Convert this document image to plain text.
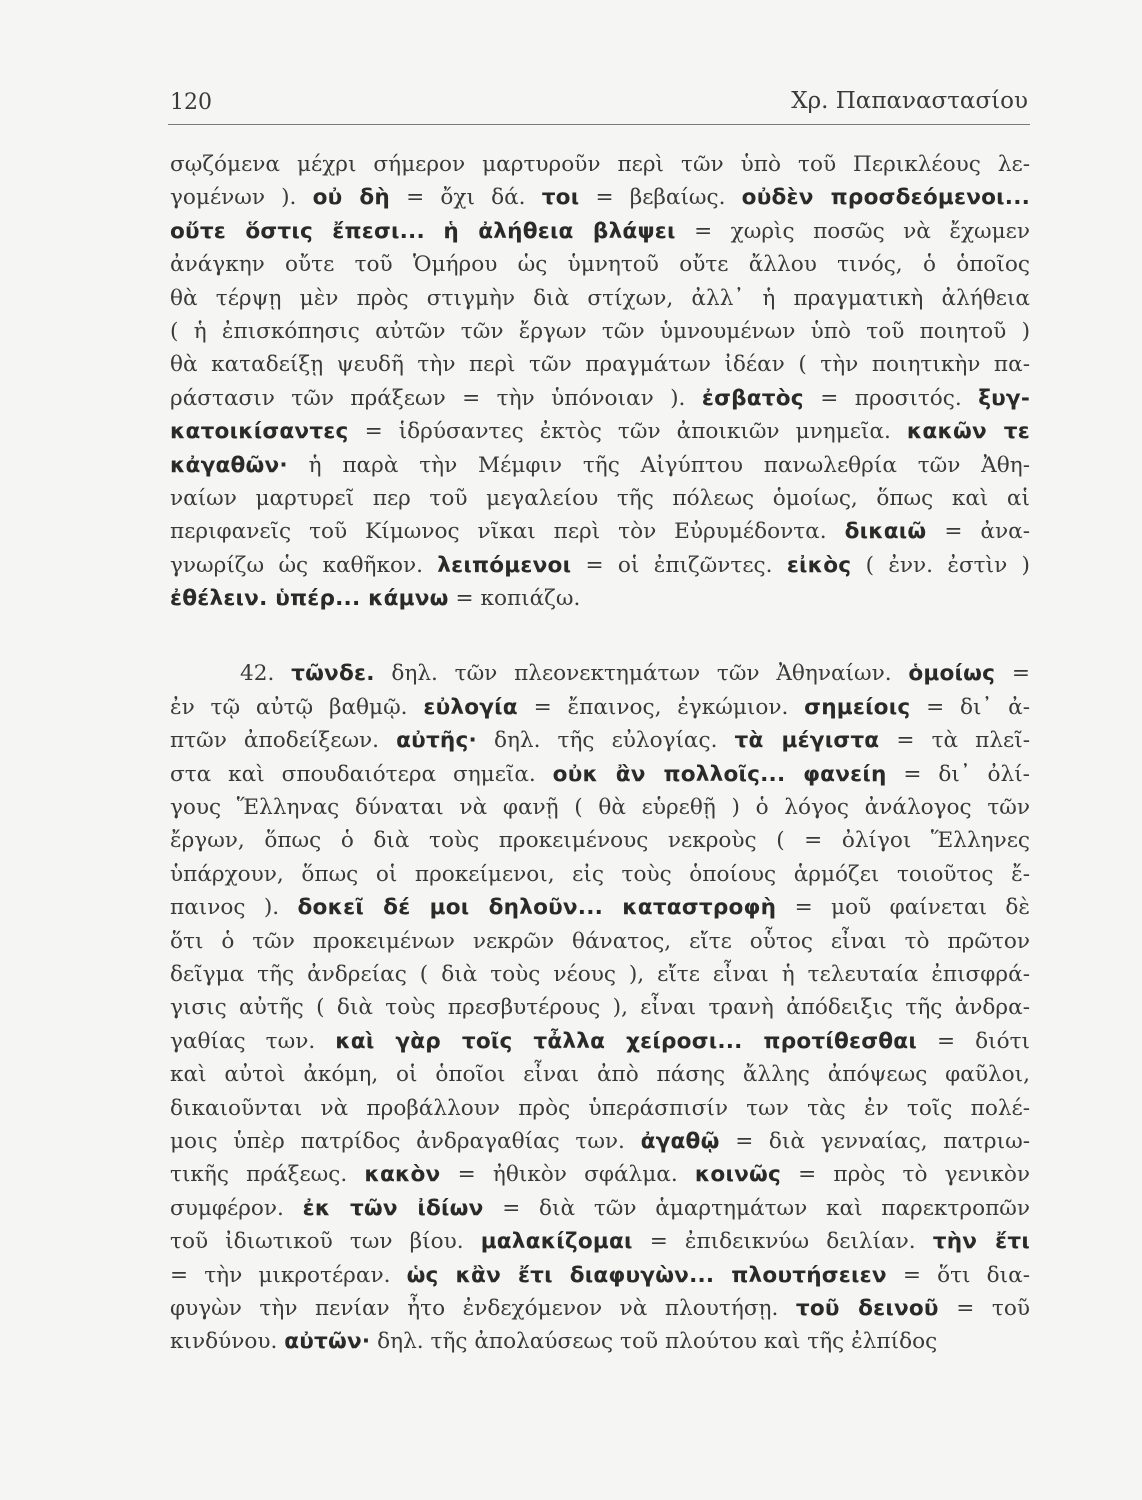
120	Χρ. Παπαναστασίου
σῳζόμενα μέχρι σήμερον μαρτυροῦν περὶ τῶν ὑπὸ τοῦ Περικλέους λε-
γομένων ). οὐ δὴ = ὄχι δά. τοι = βεβαίως. οὐδὲν προσδεόμενοι...
οὔτε ὅστις ἔπεσι... ἡ ἀλήθεια βλάψει = χωρὶς ποσῶς νὰ ἔχωμεν
ἀνάγκην οὔτε τοῦ Ὁμήρου ὡς ὑμνητοῦ οὔτε ἄλλου τινός, ὁ ὁποῖος
θὰ τέρψῃ μὲν πρὸς στιγμὴν διὰ στίχων, ἀλλ᾽ ἡ πραγματικὴ ἀλήθεια
( ἡ ἐπισκόπησις αὐτῶν τῶν ἔργων τῶν ὑμνουμένων ὑπὸ τοῦ ποιητοῦ )
θὰ καταδείξῃ ψευδῆ τὴν περὶ τῶν πραγμάτων ἰδέαν ( τὴν ποιητικὴν πα-
ράστασιν τῶν πράξεων = τὴν ὑπόνοιαν ). ἐσβατὸς = προσιτός. ξυγ-
κατοικίσαντες = ἱδρύσαντες ἐκτὸς τῶν ἀποικιῶν μνημεῖα. κακῶν τε
κἀγαθῶν· ἡ παρὰ τὴν Μέμφιν τῆς Αἰγύπτου πανωλεθρία τῶν Ἀθη-
ναίων μαρτυρεῖ περ τοῦ μεγαλείου τῆς πόλεως ὁμοίως, ὅπως καὶ αἱ
περιφανεῖς τοῦ Κίμωνος νῖκαι περὶ τὸν Εὐρυμέδοντα. δικαιῶ = ἀνα-
γνωρίζω ὡς καθῆκον. λειπόμενοι = οἱ ἐπιζῶντες. εἰκὸς ( ἐνν. ἐστὶν )
ἐθέλειν. ὑπέρ... κάμνω = κοπιάζω.
42. τῶνδε. δηλ. τῶν πλεονεκτημάτων τῶν Ἀθηναίων. ὁμοίως =
ἐν τῷ αὐτῷ βαθμῷ. εὐλογία = ἔπαινος, ἐγκώμιον. σημείοις = δι᾽ ἀ-
πτῶν ἀποδείξεων. αὐτῆς· δηλ. τῆς εὐλογίας. τὰ μέγιστα = τὰ πλεῖ-
στα καὶ σπουδαιότερα σημεῖα. οὐκ ἂν πολλοῖς... φανείη = δι᾽ ὀλί-
γους Ἕλληνας δύναται νὰ φανῇ ( θὰ εὑρεθῇ ) ὁ λόγος ἀνάλογος τῶν
ἔργων, ὅπως ὁ διὰ τοὺς προκειμένους νεκροὺς ( = ὀλίγοι Ἕλληνες
ὑπάρχουν, ὅπως οἱ προκείμενοι, εἰς τοὺς ὁποίους ἁρμόζει τοιοῦτος ἔ-
παινος ). δοκεῖ δέ μοι δηλοῦν... καταστροφὴ = μοῦ φαίνεται δὲ
ὅτι ὁ τῶν προκειμένων νεκρῶν θάνατος, εἴτε οὗτος εἶναι τὸ πρῶτον
δεῖγμα τῆς ἀνδρείας ( διὰ τοὺς νέους ), εἴτε εἶναι ἡ τελευταία ἐπισφρά-
γισις αὐτῆς ( διὰ τοὺς πρεσβυτέρους ), εἶναι τρανὴ ἀπόδειξις τῆς ἀνδρα-
γαθίας των. καὶ γὰρ τοῖς τἆλλα χείροσι... προτίθεσθαι = διότι
καὶ αὐτοὶ ἀκόμη, οἱ ὁποῖοι εἶναι ἀπὸ πάσης ἄλλης ἀπόψεως φαῦλοι,
δικαιοῦνται νὰ προβάλλουν πρὸς ὑπεράσπισίν των τὰς ἐν τοῖς πολέ-
μοις ὑπὲρ πατρίδος ἀνδραγαθίας των. ἀγαθῷ = διὰ γενναίας, πατριω-
τικῆς πράξεως. κακὸν = ἠθικὸν σφάλμα. κοινῶς = πρὸς τὸ γενικὸν
συμφέρον. ἐκ τῶν ἰδίων = διὰ τῶν ἁμαρτημάτων καὶ παρεκτροπῶν
τοῦ ἰδιωτικοῦ των βίου. μαλακίζομαι = ἐπιδεικνύω δειλίαν. τὴν ἔτι
= τὴν μικροτέραν. ὡς κἂν ἔτι διαφυγὼν... πλουτήσειεν = ὅτι δια-
φυγὼν τὴν πενίαν ἦτο ἐνδεχόμενον νὰ πλουτήσῃ. τοῦ δεινοῦ = τοῦ
κινδύνου. αὐτῶν· δηλ. τῆς ἀπολαύσεως τοῦ πλούτου καὶ τῆς ἐλπίδος
